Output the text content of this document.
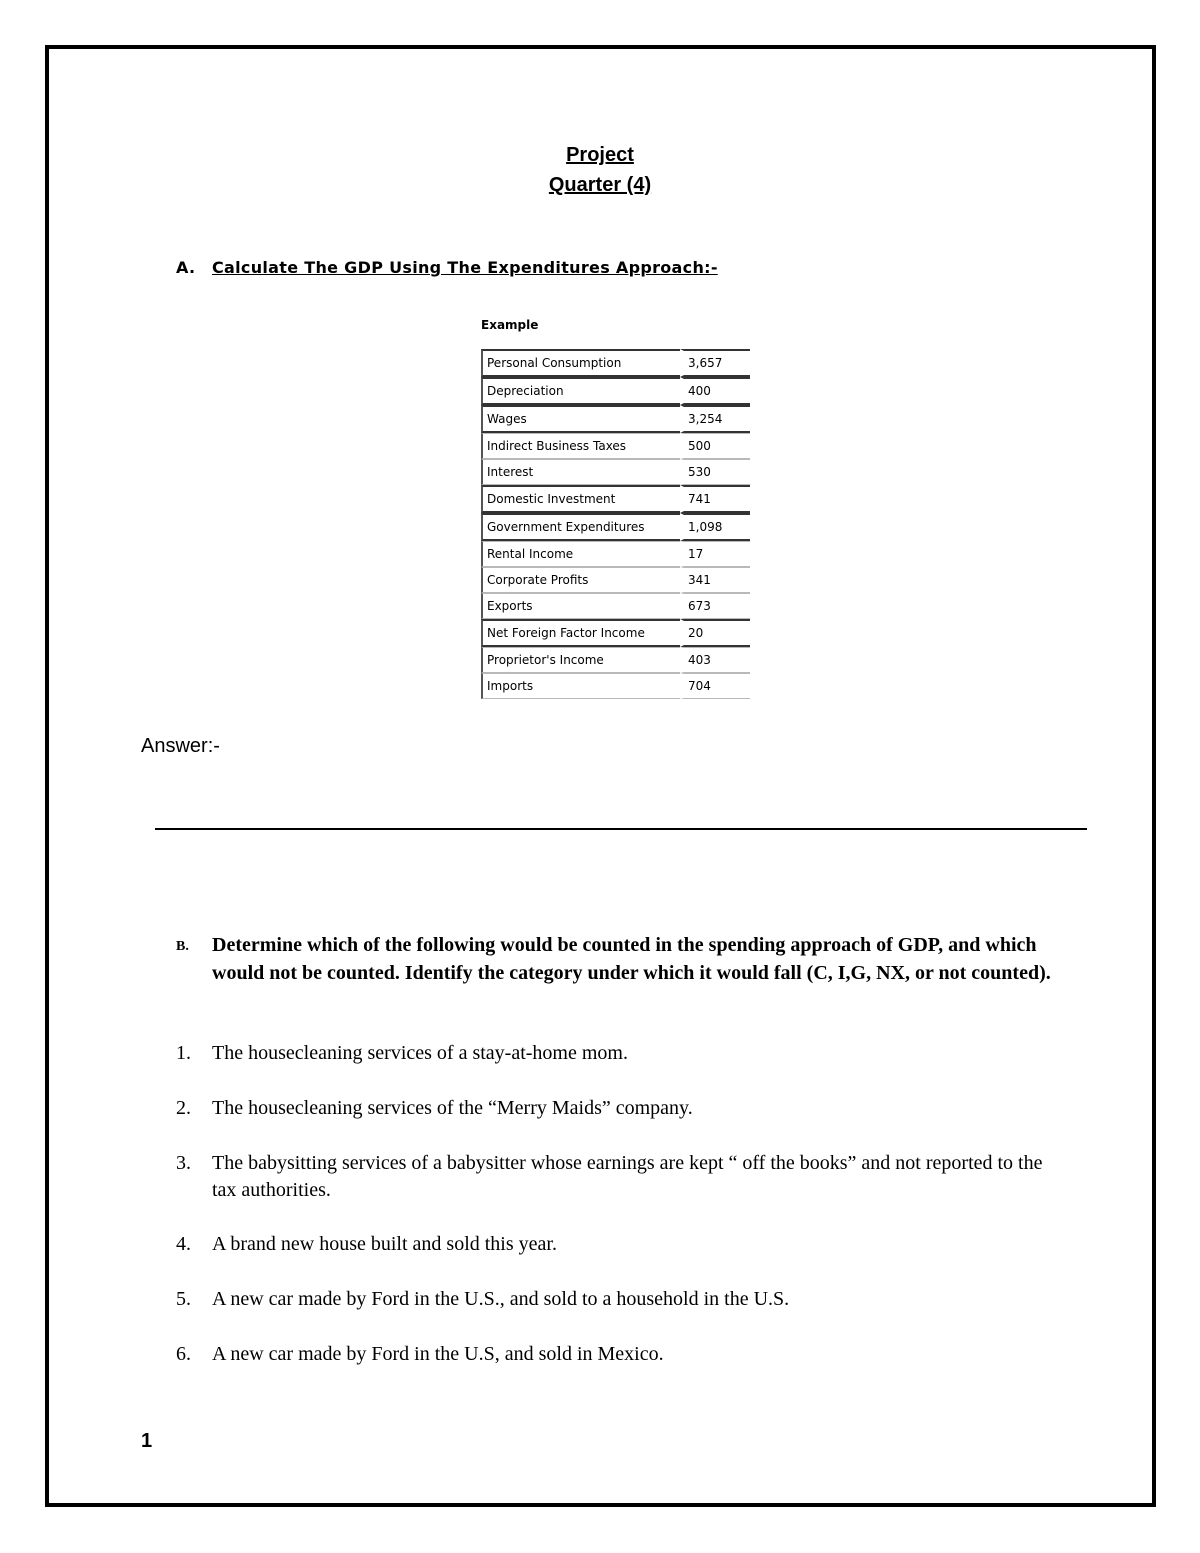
Project
Quarter (4)
A. Calculate The GDP Using The Expenditures Approach:-
Example
Personal Consumption	3,657
Depreciation	400
Wages	3,254
Indirect Business Taxes	500
Interest	530
Domestic Investment	741
Government Expenditures	1,098
Rental Income	17
Corporate Profits	341
Exports	673
Net Foreign Factor Income	20
Proprietor's Income	403
Imports	704
Answer:-
B. Determine which of the following would be counted in the spending approach of GDP, and which would not be counted. Identify the category under which it would fall (C, I,G, NX, or not counted).
1. The housecleaning services of a stay-at-home mom.
2. The housecleaning services of the “Merry Maids” company.
3. The babysitting services of a babysitter whose earnings are kept “ off the books” and not reported to the tax authorities.
4. A brand new house built and sold this year.
5. A new car made by Ford in the U.S., and sold to a household in the U.S.
6. A new car made by Ford in the U.S, and sold in Mexico.
1
